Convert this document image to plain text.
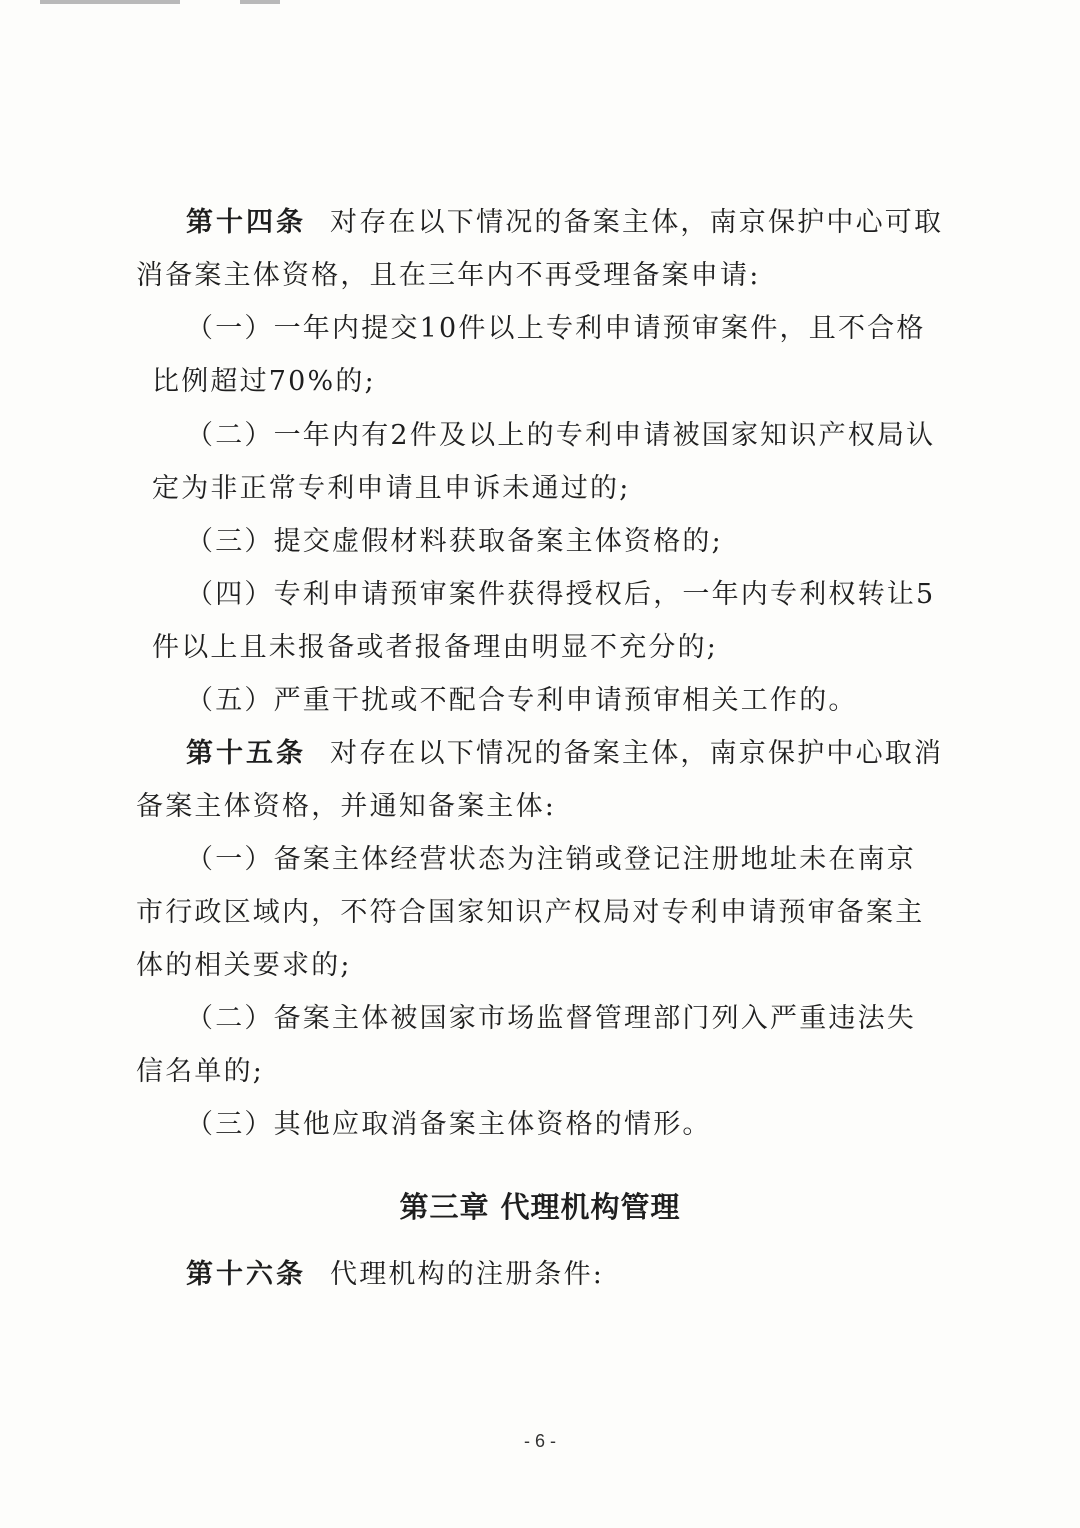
第十四条 对存在以下情况的备案主体，南京保护中心可取
消备案主体资格，且在三年内不再受理备案申请:
（一）一年内提交10件以上专利申请预审案件，且不合格
比例超过70%的;
（二）一年内有2件及以上的专利申请被国家知识产权局认
定为非正常专利申请且申诉未通过的;
（三）提交虚假材料获取备案主体资格的;
（四）专利申请预审案件获得授权后，一年内专利权转让5
件以上且未报备或者报备理由明显不充分的;
（五）严重干扰或不配合专利申请预审相关工作的。
第十五条 对存在以下情况的备案主体，南京保护中心取消
备案主体资格，并通知备案主体:
（一）备案主体经营状态为注销或登记注册地址未在南京
市行政区域内，不符合国家知识产权局对专利申请预审备案主
体的相关要求的;
（二）备案主体被国家市场监督管理部门列入严重违法失
信名单的;
（三）其他应取消备案主体资格的情形。
第三章 代理机构管理
第十六条 代理机构的注册条件:
- 6 -
